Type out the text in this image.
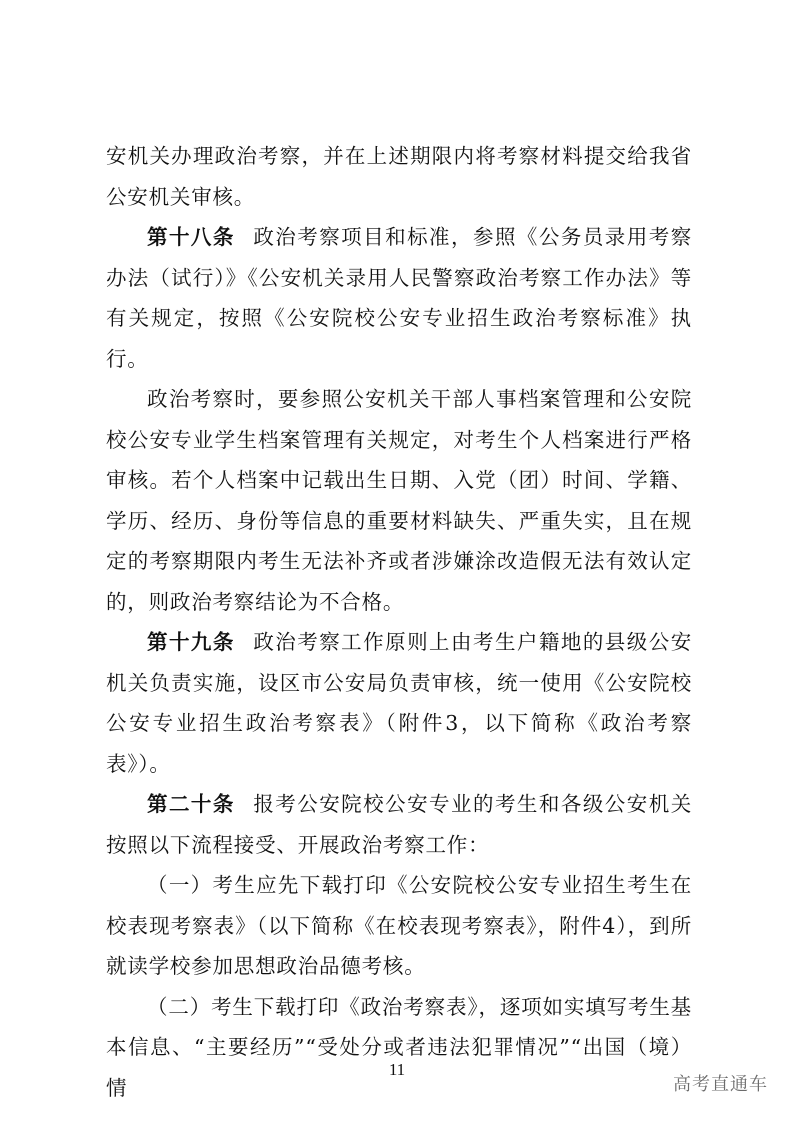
安机关办理政治考察，并在上述期限内将考察材料提交给我省公安机关审核。

第十八条 政治考察项目和标准，参照《公务员录用考察办法（试行）》《公安机关录用人民警察政治考察工作办法》等有关规定，按照《公安院校公安专业招生政治考察标准》执行。

政治考察时，要参照公安机关干部人事档案管理和公安院校公安专业学生档案管理有关规定，对考生个人档案进行严格审核。若个人档案中记载出生日期、入党（团）时间、学籍、学历、经历、身份等信息的重要材料缺失、严重失实，且在规定的考察期限内考生无法补齐或者涉嫌涂改造假无法有效认定的，则政治考察结论为不合格。

第十九条 政治考察工作原则上由考生户籍地的县级公安机关负责实施，设区市公安局负责审核，统一使用《公安院校公安专业招生政治考察表》（附件3，以下简称《政治考察表》）。

第二十条 报考公安院校公安专业的考生和各级公安机关按照以下流程接受、开展政治考察工作：

（一）考生应先下载打印《公安院校公安专业招生考生在校表现考察表》（以下简称《在校表现考察表》，附件4），到所就读学校参加思想政治品德考核。

（二）考生下载打印《政治考察表》，逐项如实填写考生基本信息、“主要经历”“受处分或者违法犯罪情况”“出国（境）情

11
高考直通车
